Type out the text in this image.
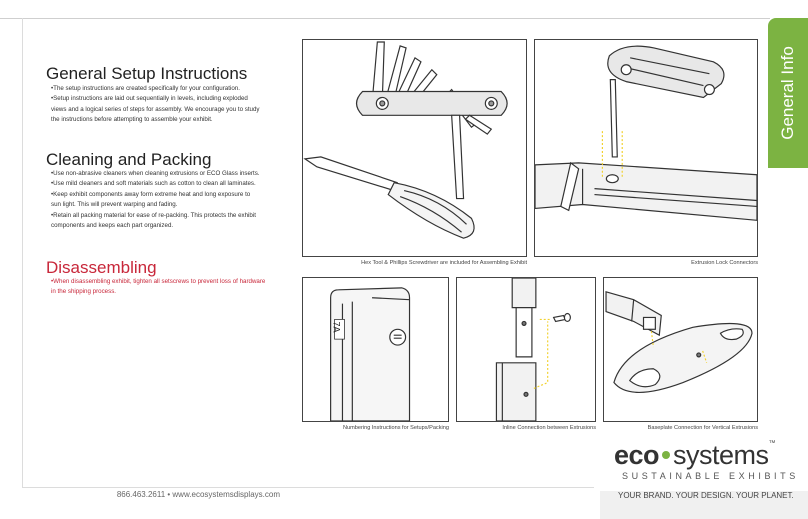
General Info
General Setup Instructions
•The setup instructions are created specifically for your configuration.
•Setup instructions are laid out sequentially in levels, including exploded
views and a logical series of steps for assembly. We encourage you to study
the instructions before attempting to assemble your exhibit.
Cleaning and Packing
•Use non-abrasive cleaners when cleaning extrusions or ECO Glass inserts.
•Use mild cleaners and soft materials such as cotton to clean all laminates.
•Keep exhibit components away form extreme heat and long exposure to
sun light. This will prevent warping and fading.
•Retain all packing material for ease of re-packing. This protects the exhibit
components and keeps each part organized.
Disassembling
•When disassembling exhibit, tighten all setscrews to prevent loss of hardware
in the shipping process.
Hex Tool & Phillips Screwdriver are included for Assembling Exhibit	Extrusion Lock Connectors
7A
Numbering Instructions for Setups/Packing	Inline Connection between Extrusions	Baseplate Connection for Vertical Extrusions
866.463.2611 • www.ecosystemsdisplays.com
eco systems™
SUSTAINABLE EXHIBITS
YOUR BRAND. YOUR DESIGN. YOUR PLANET.
